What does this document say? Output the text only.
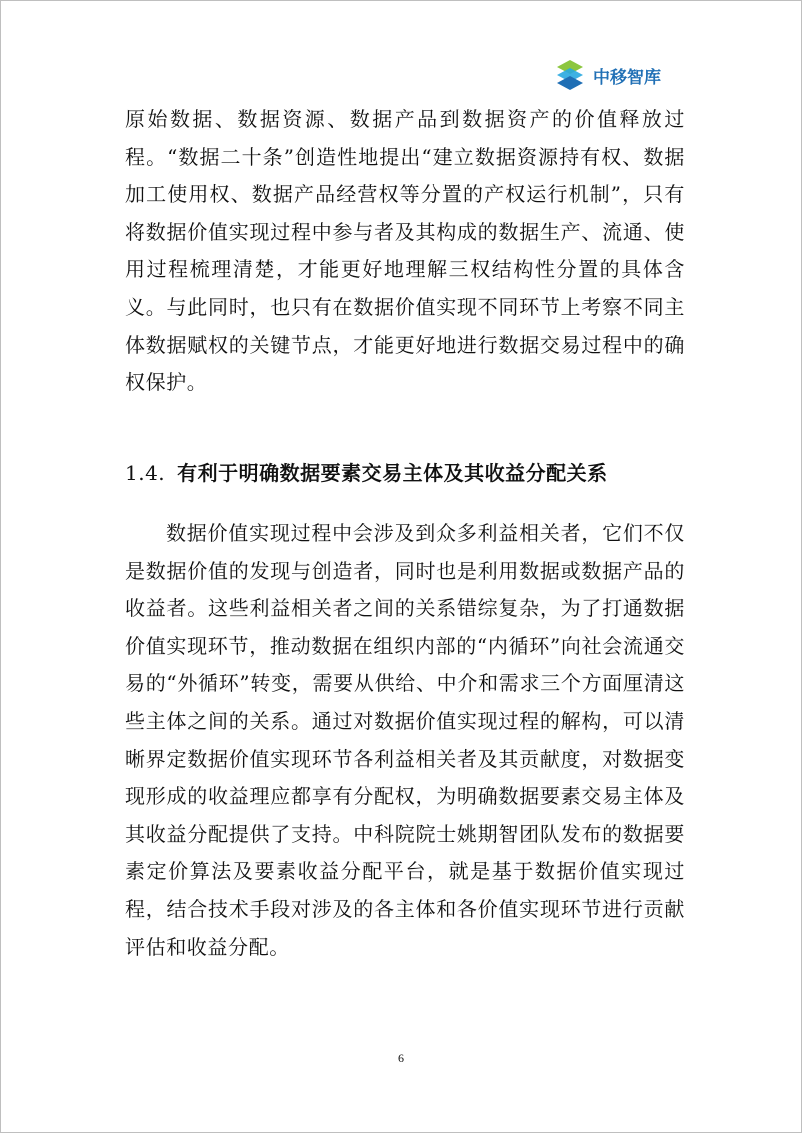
中移智库

原始数据、数据资源、数据产品到数据资产的价值释放过程。“数据二十条”创造性地提出“建立数据资源持有权、数据加工使用权、数据产品经营权等分置的产权运行机制”，只有将数据价值实现过程中参与者及其构成的数据生产、流通、使用过程梳理清楚，才能更好地理解三权结构性分置的具体含义。与此同时，也只有在数据价值实现不同环节上考察不同主体数据赋权的关键节点，才能更好地进行数据交易过程中的确权保护。

1.4. 有利于明确数据要素交易主体及其收益分配关系

数据价值实现过程中会涉及到众多利益相关者，它们不仅是数据价值的发现与创造者，同时也是利用数据或数据产品的收益者。这些利益相关者之间的关系错综复杂，为了打通数据价值实现环节，推动数据在组织内部的“内循环”向社会流通交易的“外循环”转变，需要从供给、中介和需求三个方面厘清这些主体之间的关系。通过对数据价值实现过程的解构，可以清晰界定数据价值实现环节各利益相关者及其贡献度，对数据变现形成的收益理应都享有分配权，为明确数据要素交易主体及其收益分配提供了支持。中科院院士姚期智团队发布的数据要素定价算法及要素收益分配平台，就是基于数据价值实现过程，结合技术手段对涉及的各主体和各价值实现环节进行贡献评估和收益分配。

6
